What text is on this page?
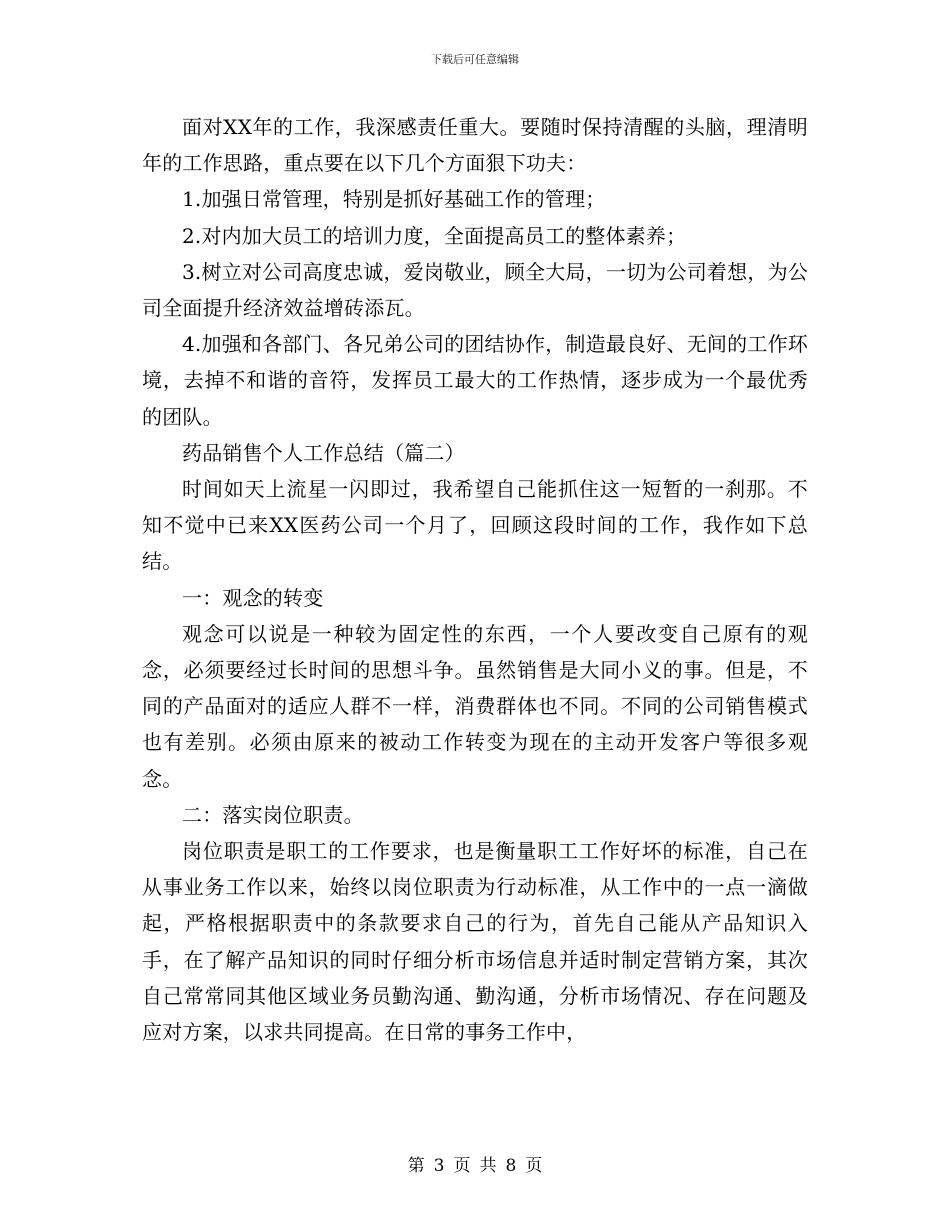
下载后可任意编辑

面对XX年的工作，我深感责任重大。要随时保持清醒的头脑，理清明年的工作思路，重点要在以下几个方面狠下功夫：

1.加强日常管理，特别是抓好基础工作的管理；

2.对内加大员工的培训力度，全面提高员工的整体素养；

3.树立对公司高度忠诚，爱岗敬业，顾全大局，一切为公司着想，为公司全面提升经济效益增砖添瓦。

4.加强和各部门、各兄弟公司的团结协作，制造最良好、无间的工作环境，去掉不和谐的音符，发挥员工最大的工作热情，逐步成为一个最优秀的团队。

药品销售个人工作总结（篇二）

时间如天上流星一闪即过，我希望自己能抓住这一短暂的一刹那。不知不觉中已来XX医药公司一个月了，回顾这段时间的工作，我作如下总结。

一：观念的转变

观念可以说是一种较为固定性的东西，一个人要改变自己原有的观念，必须要经过长时间的思想斗争。虽然销售是大同小义的事。但是，不同的产品面对的适应人群不一样，消费群体也不同。不同的公司销售模式也有差别。必须由原来的被动工作转变为现在的主动开发客户等很多观念。

二：落实岗位职责。

岗位职责是职工的工作要求，也是衡量职工工作好坏的标准，自己在从事业务工作以来，始终以岗位职责为行动标准，从工作中的一点一滴做起，严格根据职责中的条款要求自己的行为，首先自己能从产品知识入手，在了解产品知识的同时仔细分析市场信息并适时制定营销方案，其次自己常常同其他区域业务员勤沟通、勤沟通，分析市场情况、存在问题及应对方案，以求共同提高。在日常的事务工作中，

第 3 页 共 8 页
